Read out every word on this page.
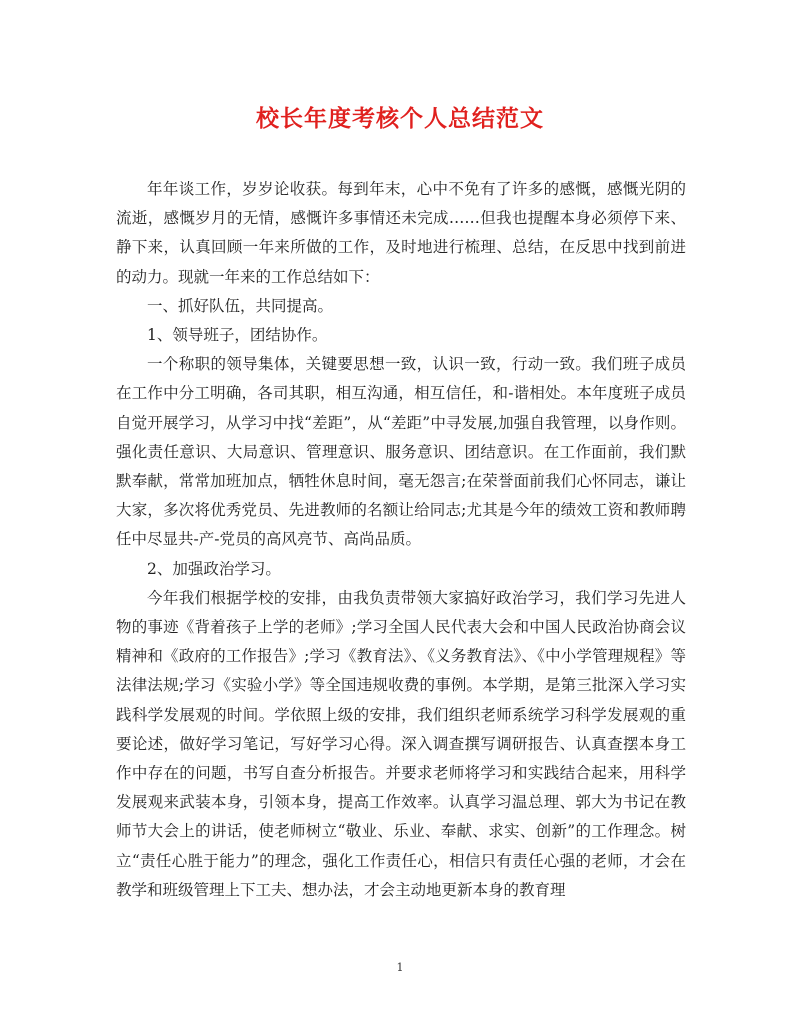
校长年度考核个人总结范文

年年谈工作，岁岁论收获。每到年末，心中不免有了许多的感慨，感慨光阴的流逝，感慨岁月的无情，感慨许多事情还未完成……但我也提醒本身必须停下来、静下来，认真回顾一年来所做的工作，及时地进行梳理、总结，在反思中找到前进的动力。现就一年来的工作总结如下：

一、抓好队伍，共同提高。

1、领导班子，团结协作。

一个称职的领导集体，关键要思想一致，认识一致，行动一致。我们班子成员在工作中分工明确，各司其职，相互沟通，相互信任，和-谐相处。本年度班子成员自觉开展学习，从学习中找“差距”，从“差距”中寻发展,加强自我管理，以身作则。强化责任意识、大局意识、管理意识、服务意识、团结意识。在工作面前，我们默默奉献，常常加班加点，牺牲休息时间，毫无怨言;在荣誉面前我们心怀同志，谦让大家，多次将优秀党员、先进教师的名额让给同志;尤其是今年的绩效工资和教师聘任中尽显共-产-党员的高风亮节、高尚品质。

2、加强政治学习。

今年我们根据学校的安排，由我负责带领大家搞好政治学习，我们学习先进人物的事迹《背着孩子上学的老师》;学习全国人民代表大会和中国人民政治协商会议精神和《政府的工作报告》;学习《教育法》、《义务教育法》、《中小学管理规程》等法律法规;学习《实验小学》等全国违规收费的事例。本学期，是第三批深入学习实践科学发展观的时间。学依照上级的安排，我们组织老师系统学习科学发展观的重要论述，做好学习笔记，写好学习心得。深入调查撰写调研报告、认真查摆本身工作中存在的问题，书写自查分析报告。并要求老师将学习和实践结合起来，用科学发展观来武装本身，引领本身，提高工作效率。认真学习温总理、郭大为书记在教师节大会上的讲话，使老师树立“敬业、乐业、奉献、求实、创新”的工作理念。树立“责任心胜于能力”的理念，强化工作责任心，相信只有责任心强的老师，才会在教学和班级管理上下工夫、想办法，才会主动地更新本身的教育理

1
